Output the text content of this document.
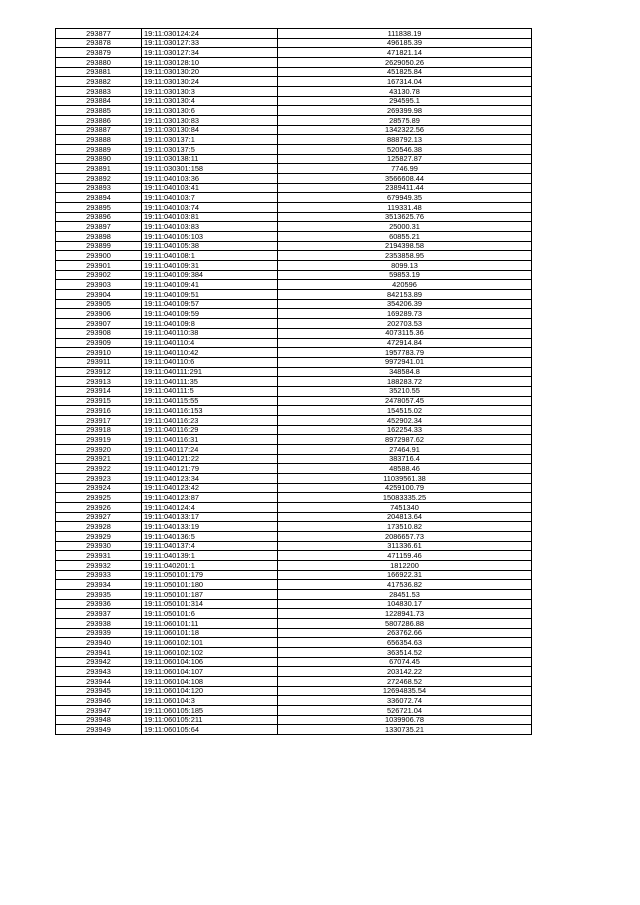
293877	19:11:030124:24	111838.19
293878	19:11:030127:33	496185.39
293879	19:11:030127:34	471821.14
293880	19:11:030128:10	2629050.26
293881	19:11:030130:20	451825.84
293882	19:11:030130:24	167314.04
293883	19:11:030130:3	43130.78
293884	19:11:030130:4	294595.1
293885	19:11:030130:6	269399.98
293886	19:11:030130:83	28575.89
293887	19:11:030130:84	1342322.56
293888	19:11:030137:1	888792.13
293889	19:11:030137:5	520546.38
293890	19:11:030138:11	125827.87
293891	19:11:030301:158	7746.99
293892	19:11:040103:36	3566608.44
293893	19:11:040103:41	2389411.44
293894	19:11:040103:7	679949.35
293895	19:11:040103:74	119331.48
293896	19:11:040103:81	3513625.76
293897	19:11:040103:83	25000.31
293898	19:11:040105:103	60855.21
293899	19:11:040105:38	2194398.58
293900	19:11:040108:1	2353858.95
293901	19:11:040109:31	8099.13
293902	19:11:040109:384	59853.19
293903	19:11:040109:41	420596
293904	19:11:040109:51	842153.89
293905	19:11:040109:57	354206.39
293906	19:11:040109:59	169289.73
293907	19:11:040109:8	202703.53
293908	19:11:040110:38	4073115.36
293909	19:11:040110:4	472914.84
293910	19:11:040110:42	1957783.79
293911	19:11:040110:6	9972941.01
293912	19:11:040111:291	348584.8
293913	19:11:040111:35	188283.72
293914	19:11:040111:5	35210.55
293915	19:11:040115:55	2478057.45
293916	19:11:040116:153	154515.02
293917	19:11:040116:23	452902.34
293918	19:11:040116:29	162254.33
293919	19:11:040116:31	8972987.62
293920	19:11:040117:24	27464.91
293921	19:11:040121:22	383716.4
293922	19:11:040121:79	48588.46
293923	19:11:040123:34	11039561.38
293924	19:11:040123:42	4259100.79
293925	19:11:040123:87	15083335.25
293926	19:11:040124:4	7451340
293927	19:11:040133:17	204813.64
293928	19:11:040133:19	173510.82
293929	19:11:040136:5	2086657.73
293930	19:11:040137:4	311336.61
293931	19:11:040139:1	471159.46
293932	19:11:040201:1	1812200
293933	19:11:050101:179	166922.31
293934	19:11:050101:180	417536.82
293935	19:11:050101:187	28451.53
293936	19:11:050101:314	104830.17
293937	19:11:050101:6	1228941.73
293938	19:11:060101:11	5807286.88
293939	19:11:060101:18	263762.66
293940	19:11:060102:101	656354.63
293941	19:11:060102:102	363514.52
293942	19:11:060104:106	67074.45
293943	19:11:060104:107	203142.22
293944	19:11:060104:108	272468.52
293945	19:11:060104:120	12694835.54
293946	19:11:060104:3	336072.74
293947	19:11:060105:185	526721.04
293948	19:11:060105:211	1039906.78
293949	19:11:060105:64	1330735.21
